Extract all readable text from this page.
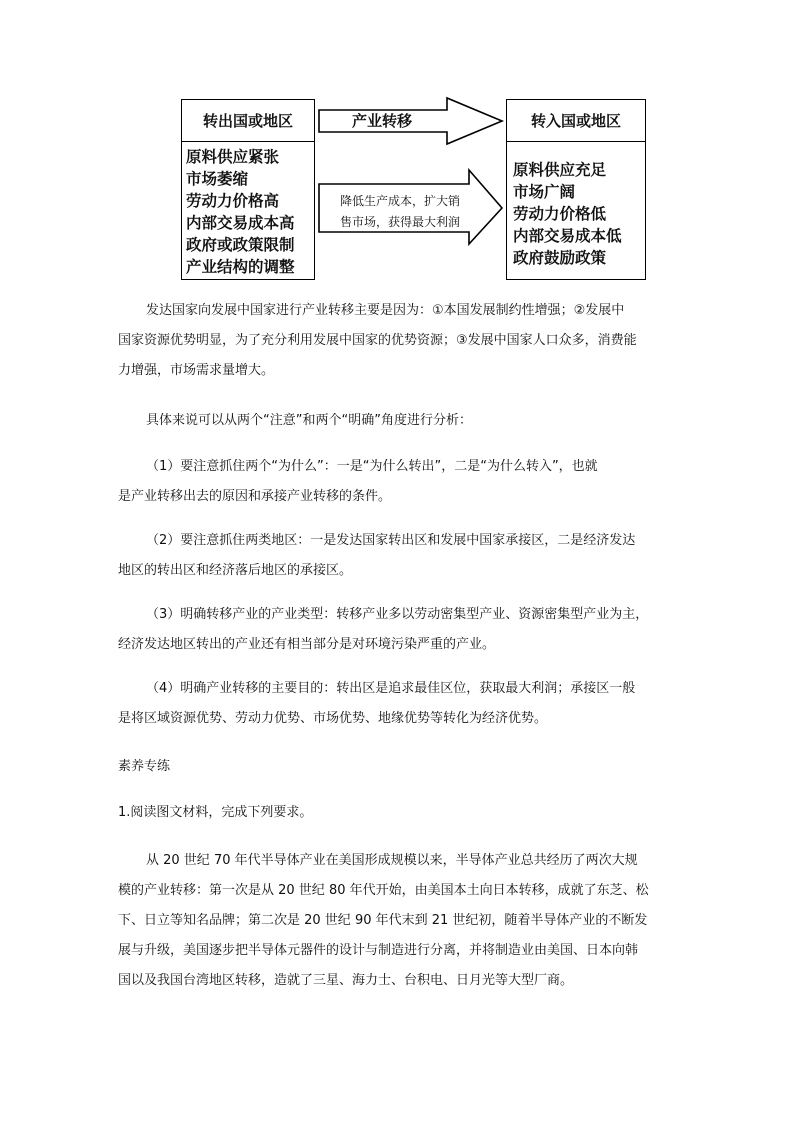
转出国或地区
原料供应紧张
市场萎缩
劳动力价格高
内部交易成本高
政府或政策限制
产业结构的调整
产业转移
降低生产成本，扩大销
售市场，获得最大利润
转入国或地区
原料供应充足
市场广阔
劳动力价格低
内部交易成本低
政府鼓励政策

发达国家向发展中国家进行产业转移主要是因为：①本国发展制约性增强；②发展中
国家资源优势明显，为了充分利用发展中国家的优势资源；③发展中国家人口众多，消费能
力增强，市场需求量增大。

具体来说可以从两个“注意”和两个“明确”角度进行分析：

（1）要注意抓住两个“为什么”：一是“为什么转出”，二是“为什么转入”，也就
是产业转移出去的原因和承接产业转移的条件。

（2）要注意抓住两类地区：一是发达国家转出区和发展中国家承接区，二是经济发达
地区的转出区和经济落后地区的承接区。

（3）明确转移产业的产业类型：转移产业多以劳动密集型产业、资源密集型产业为主，
经济发达地区转出的产业还有相当部分是对环境污染严重的产业。

（4）明确产业转移的主要目的：转出区是追求最佳区位，获取最大利润；承接区一般
是将区域资源优势、劳动力优势、市场优势、地缘优势等转化为经济优势。

素养专练

1.阅读图文材料，完成下列要求。

从 20 世纪 70 年代半导体产业在美国形成规模以来，半导体产业总共经历了两次大规
模的产业转移：第一次是从 20 世纪 80 年代开始，由美国本土向日本转移，成就了东芝、松
下、日立等知名品牌；第二次是 20 世纪 90 年代末到 21 世纪初，随着半导体产业的不断发
展与升级，美国逐步把半导体元器件的设计与制造进行分离，并将制造业由美国、日本向韩
国以及我国台湾地区转移，造就了三星、海力士、台积电、日月光等大型厂商。
